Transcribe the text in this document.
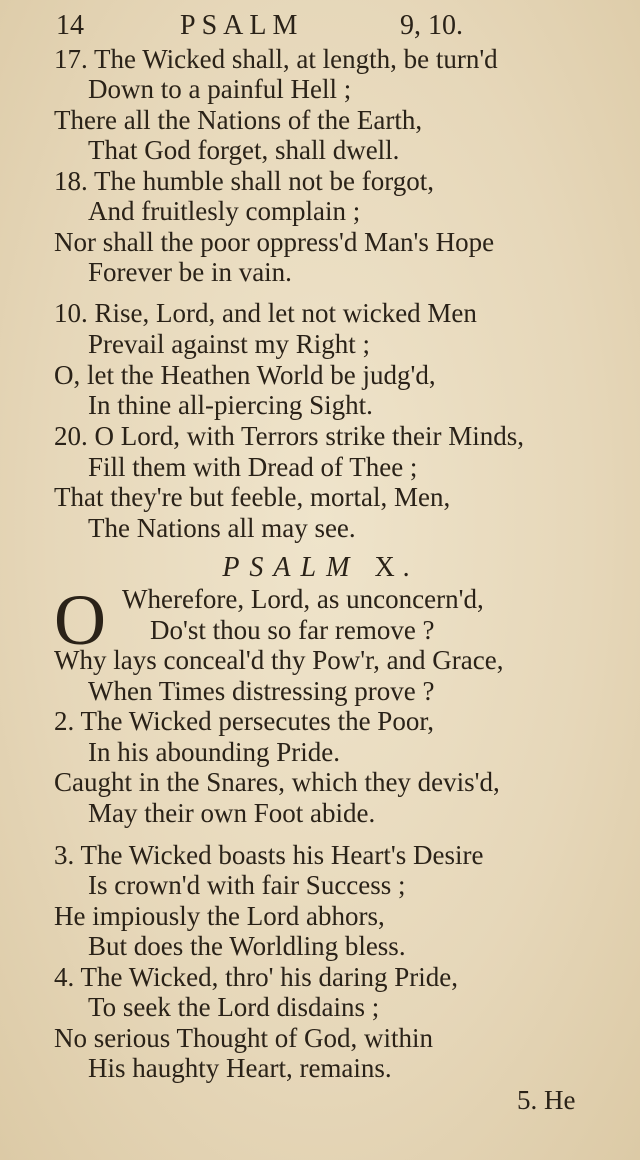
14	PSALM	9, 10.
17. The Wicked shall, at length, be turn'd
Down to a painful Hell ;
There all the Nations of the Earth,
That God forget, shall dwell.
18. The humble shall not be forgot,
And fruitlesly complain ;
Nor shall the poor oppress'd Man's Hope
Forever be in vain.
10. Rise, Lord, and let not wicked Men
Prevail against my Right ;
O, let the Heathen World be judg'd,
In thine all-piercing Sight.
20. O Lord, with Terrors strike their Minds,
Fill them with Dread of Thee ;
That they're but feeble, mortal, Men,
The Nations all may see.
PSALM X.
O Wherefore, Lord, as unconcern'd,
Do'st thou so far remove ?
Why lays conceal'd thy Pow'r, and Grace,
When Times distressing prove ?
2. The Wicked persecutes the Poor,
In his abounding Pride.
Caught in the Snares, which they devis'd,
May their own Foot abide.
3. The Wicked boasts his Heart's Desire
Is crown'd with fair Success ;
He impiously the Lord abhors,
But does the Worldling bless.
4. The Wicked, thro' his daring Pride,
To seek the Lord disdains ;
No serious Thought of God, within
His haughty Heart, remains.
5. He
